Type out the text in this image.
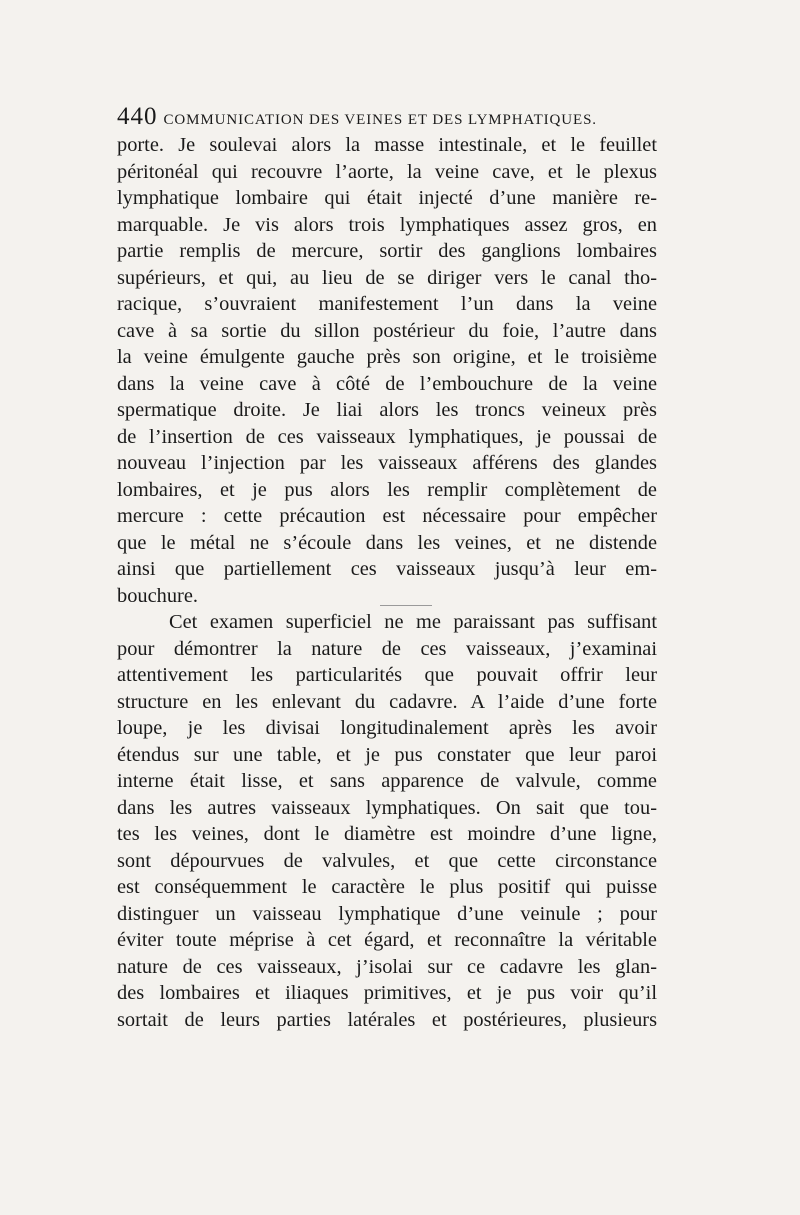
440 COMMUNICATION DES VEINES ET DES LYMPHATIQUES.
porte. Je soulevai alors la masse intestinale, et le feuillet
péritonéal qui recouvre l’aorte, la veine cave, et le plexus
lymphatique lombaire qui était injecté d’une manière re-
marquable. Je vis alors trois lymphatiques assez gros, en
partie remplis de mercure, sortir des ganglions lombaires
supérieurs, et qui, au lieu de se diriger vers le canal tho-
racique, s’ouvraient manifestement l’un dans la veine
cave à sa sortie du sillon postérieur du foie, l’autre dans
la veine émulgente gauche près son origine, et le troisième
dans la veine cave à côté de l’embouchure de la veine
spermatique droite. Je liai alors les troncs veineux près
de l’insertion de ces vaisseaux lymphatiques, je poussai de
nouveau l’injection par les vaisseaux afférens des glandes
lombaires, et je pus alors les remplir complètement de
mercure : cette précaution est nécessaire pour empêcher
que le métal ne s’écoule dans les veines, et ne distende
ainsi que partiellement ces vaisseaux jusqu’à leur em-
bouchure.
Cet examen superficiel ne me paraissant pas suffisant
pour démontrer la nature de ces vaisseaux, j’examinai
attentivement les particularités que pouvait offrir leur
structure en les enlevant du cadavre. A l’aide d’une forte
loupe, je les divisai longitudinalement après les avoir
étendus sur une table, et je pus constater que leur paroi
interne était lisse, et sans apparence de valvule, comme
dans les autres vaisseaux lymphatiques. On sait que tou-
tes les veines, dont le diamètre est moindre d’une ligne,
sont dépourvues de valvules, et que cette circonstance
est conséquemment le caractère le plus positif qui puisse
distinguer un vaisseau lymphatique d’une veinule ; pour
éviter toute méprise à cet égard, et reconnaître la véritable
nature de ces vaisseaux, j’isolai sur ce cadavre les glan-
des lombaires et iliaques primitives, et je pus voir qu’il
sortait de leurs parties latérales et postérieures, plusieurs
